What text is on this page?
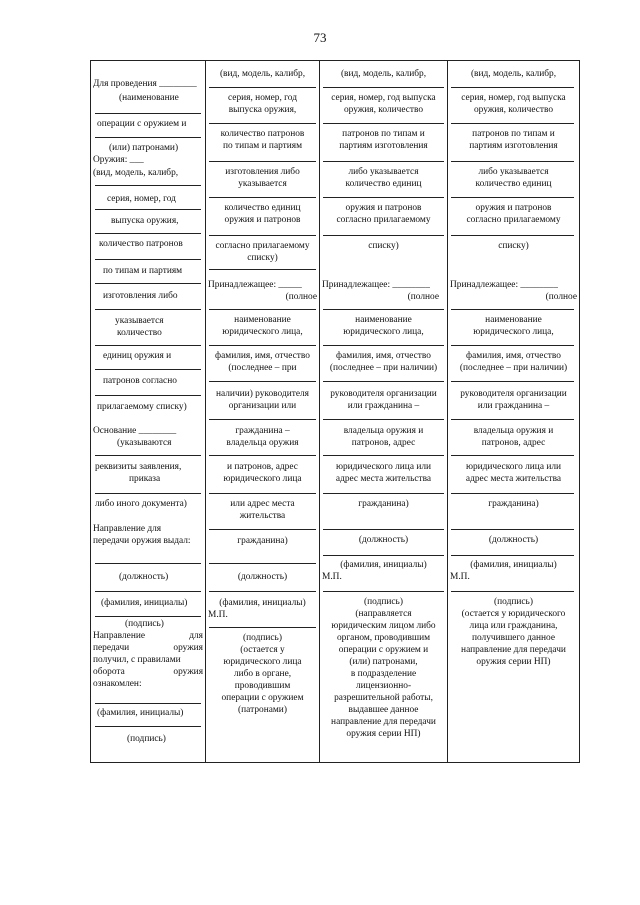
73
Для проведения ________
(наименование
операции с оружием и
(или) патронами)
Оружия: ___
(вид, модель, калибр,
серия, номер, год
выпуска оружия,
количество патронов
по типам и партиям
изготовления либо
указывается
количество
единиц оружия и
патронов согласно
прилагаемому списку)
Основание ________
(указываются
реквизиты заявления,
приказа
либо иного документа)
Направление для
передачи оружия выдал:
(должность)
(фамилия, инициалы)
(подпись)
Направление для
передачи оружия
получил, с правилами
оборота оружия
ознакомлен:
(фамилия, инициалы)
(подпись)
(вид, модель, калибр,
серия, номер, год
выпуска оружия,
количество патронов
по типам и партиям
изготовления либо
указывается
количество единиц
оружия и патронов
согласно прилагаемому
списку)
Принадлежащее: _____
(полное
наименование
юридического лица,
фамилия, имя, отчество
(последнее – при
наличии) руководителя
организации или
гражданина –
владельца оружия
и патронов, адрес
юридического лица
или адрес места
жительства
гражданина)
(должность)
(фамилия, инициалы)
М.П.
(подпись)
(остается у
юридического лица
либо в органе,
проводившим
операции с оружием
(патронами)
(вид, модель, калибр,
серия, номер, год выпуска
оружия, количество
патронов по типам и
партиям изготовления
либо указывается
количество единиц
оружия и патронов
согласно прилагаемому
списку)
Принадлежащее: ________
(полное
наименование
юридического лица,
фамилия, имя, отчество
(последнее – при наличии)
руководителя организации
или гражданина –
владельца оружия и
патронов, адрес
юридического лица или
адрес места жительства
гражданина)
(должность)
(фамилия, инициалы)
М.П.
(подпись)
(направляется
юридическим лицом либо
органом, проводившим
операции с оружием и
(или) патронами,
в подразделение
лицензионно-
разрешительной работы,
выдавшее данное
направление для передачи
оружия серии НП)
(вид, модель, калибр,
серия, номер, год выпуска
оружия, количество
патронов по типам и
партиям изготовления
либо указывается
количество единиц
оружия и патронов
согласно прилагаемому
списку)
Принадлежащее: ________
(полное
наименование
юридического лица,
фамилия, имя, отчество
(последнее – при наличии)
руководителя организации
или гражданина –
владельца оружия и
патронов, адрес
юридического лица или
адрес места жительства
гражданина)
(должность)
(фамилия, инициалы)
М.П.
(подпись)
(остается у юридического
лица или гражданина,
получившего данное
направление для передачи
оружия серии НП)
